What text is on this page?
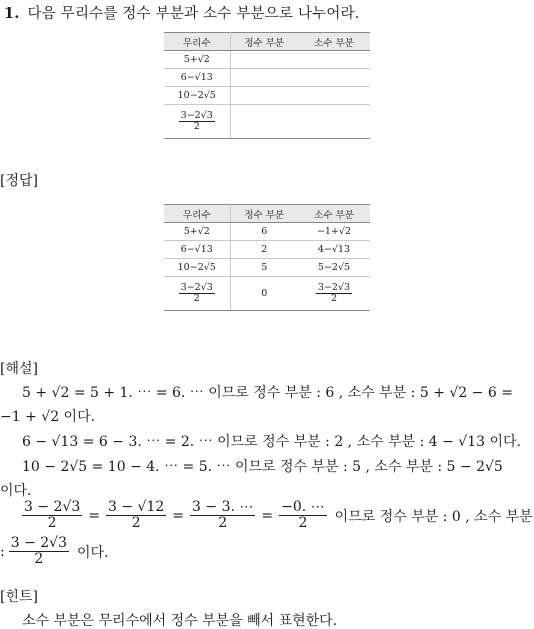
1. 다음 무리수를 정수 부분과 소수 부분으로 나누어라.
무리수	정수 부분	소수 부분
5+√2		
6−√13		
10−2√5		

$\frac{3-2√3}{2}$

[정답]
무리수	정수 부분	소수 부분
5+√2	6	−1+√2
6−√13	2	4−√13
10−2√5	5	5−2√5

$\frac{3-2√3}{2}$	0	$\frac{3-2√3}{2}$
[해설]
5 + √2 = 5 + 1. ⋯ = 6. ⋯ 이므로 정수 부분 : 6 , 소수 부분 : 5 + √2 − 6 =
−1 + √2 이다.
6 − √13 = 6 − 3. ⋯ = 2. ⋯ 이므로 정수 부분 : 2 , 소수 부분 : 4 − √13 이다.
10 − 2√5 = 10 − 4. ⋯ = 5. ⋯ 이므로 정수 부분 : 5 , 소수 부분 : 5 − 2√5
이다.
$\frac{3 - 2√3}{2} = \frac{3 - √12}{2} = \frac{3 - 3. \cdots}{2} = \frac{-0. \cdots}{2}$ 이므로 정수 부분 : 0 , 소수 부분
: $\frac{3 - 2√3}{2}$ 이다.
[힌트]
소수 부분은 무리수에서 정수 부분을 빼서 표현한다.
